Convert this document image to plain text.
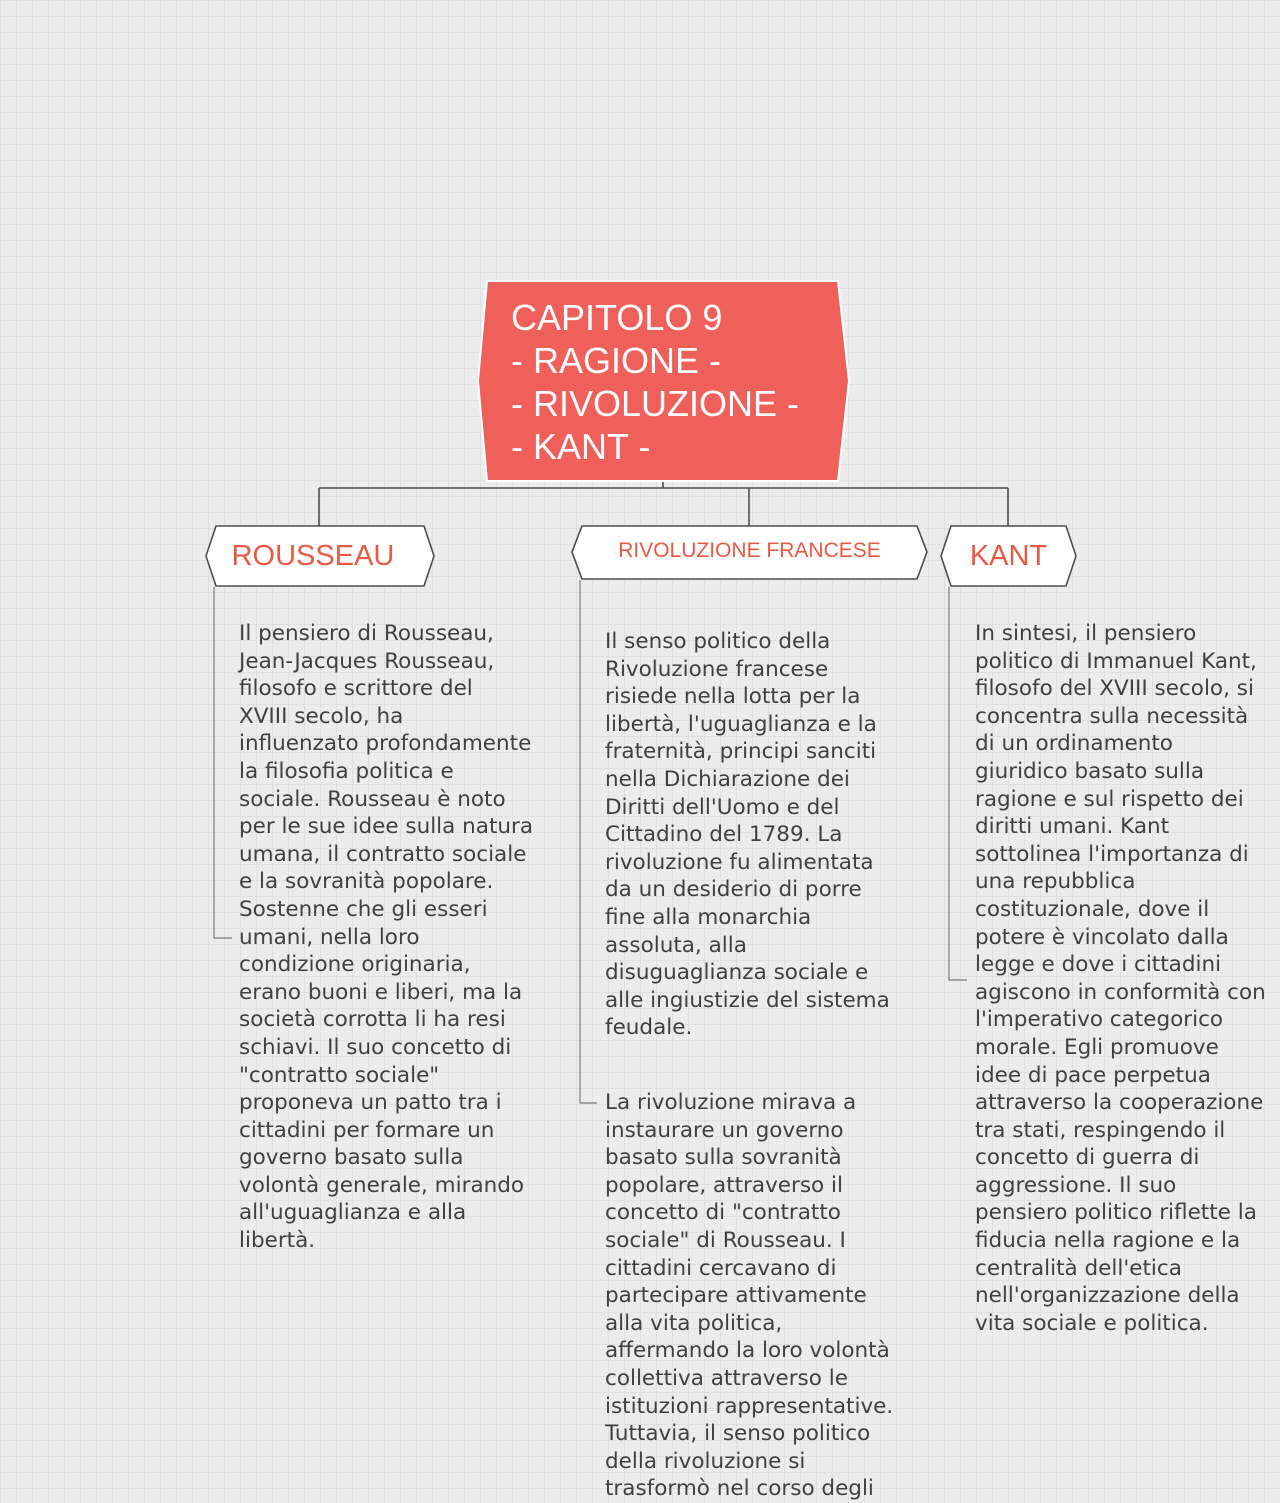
CAPITOLO 9
- RAGIONE -
- RIVOLUZIONE -
- KANT -
ROUSSEAU	RIVOLUZIONE FRANCESE	KANT

Il pensiero di Rousseau,
Jean-Jacques Rousseau,
filosofo e scrittore del
XVIII secolo, ha
influenzato profondamente
la filosofia politica e
sociale. Rousseau è noto
per le sue idee sulla natura
umana, il contratto sociale
e la sovranità popolare.
Sostenne che gli esseri
umani, nella loro
condizione originaria,
erano buoni e liberi, ma la
società corrotta li ha resi
schiavi. Il suo concetto di
"contratto sociale"
proponeva un patto tra i
cittadini per formare un
governo basato sulla
volontà generale, mirando
all'uguaglianza e alla
libertà.

Il senso politico della
Rivoluzione francese
risiede nella lotta per la
libertà, l'uguaglianza e la
fraternità, principi sanciti
nella Dichiarazione dei
Diritti dell'Uomo e del
Cittadino del 1789. La
rivoluzione fu alimentata
da un desiderio di porre
fine alla monarchia
assoluta, alla
disuguaglianza sociale e
alle ingiustizie del sistema
feudale.

La rivoluzione mirava a
instaurare un governo
basato sulla sovranità
popolare, attraverso il
concetto di "contratto
sociale" di Rousseau. I
cittadini cercavano di
partecipare attivamente
alla vita politica,
affermando la loro volontà
collettiva attraverso le
istituzioni rappresentative.
Tuttavia, il senso politico
della rivoluzione si
trasformò nel corso degli

In sintesi, il pensiero
politico di Immanuel Kant,
filosofo del XVIII secolo, si
concentra sulla necessità
di un ordinamento
giuridico basato sulla
ragione e sul rispetto dei
diritti umani. Kant
sottolinea l'importanza di
una repubblica
costituzionale, dove il
potere è vincolato dalla
legge e dove i cittadini
agiscono in conformità con
l'imperativo categorico
morale. Egli promuove
idee di pace perpetua
attraverso la cooperazione
tra stati, respingendo il
concetto di guerra di
aggressione. Il suo
pensiero politico riflette la
fiducia nella ragione e la
centralità dell'etica
nell'organizzazione della
vita sociale e politica.
